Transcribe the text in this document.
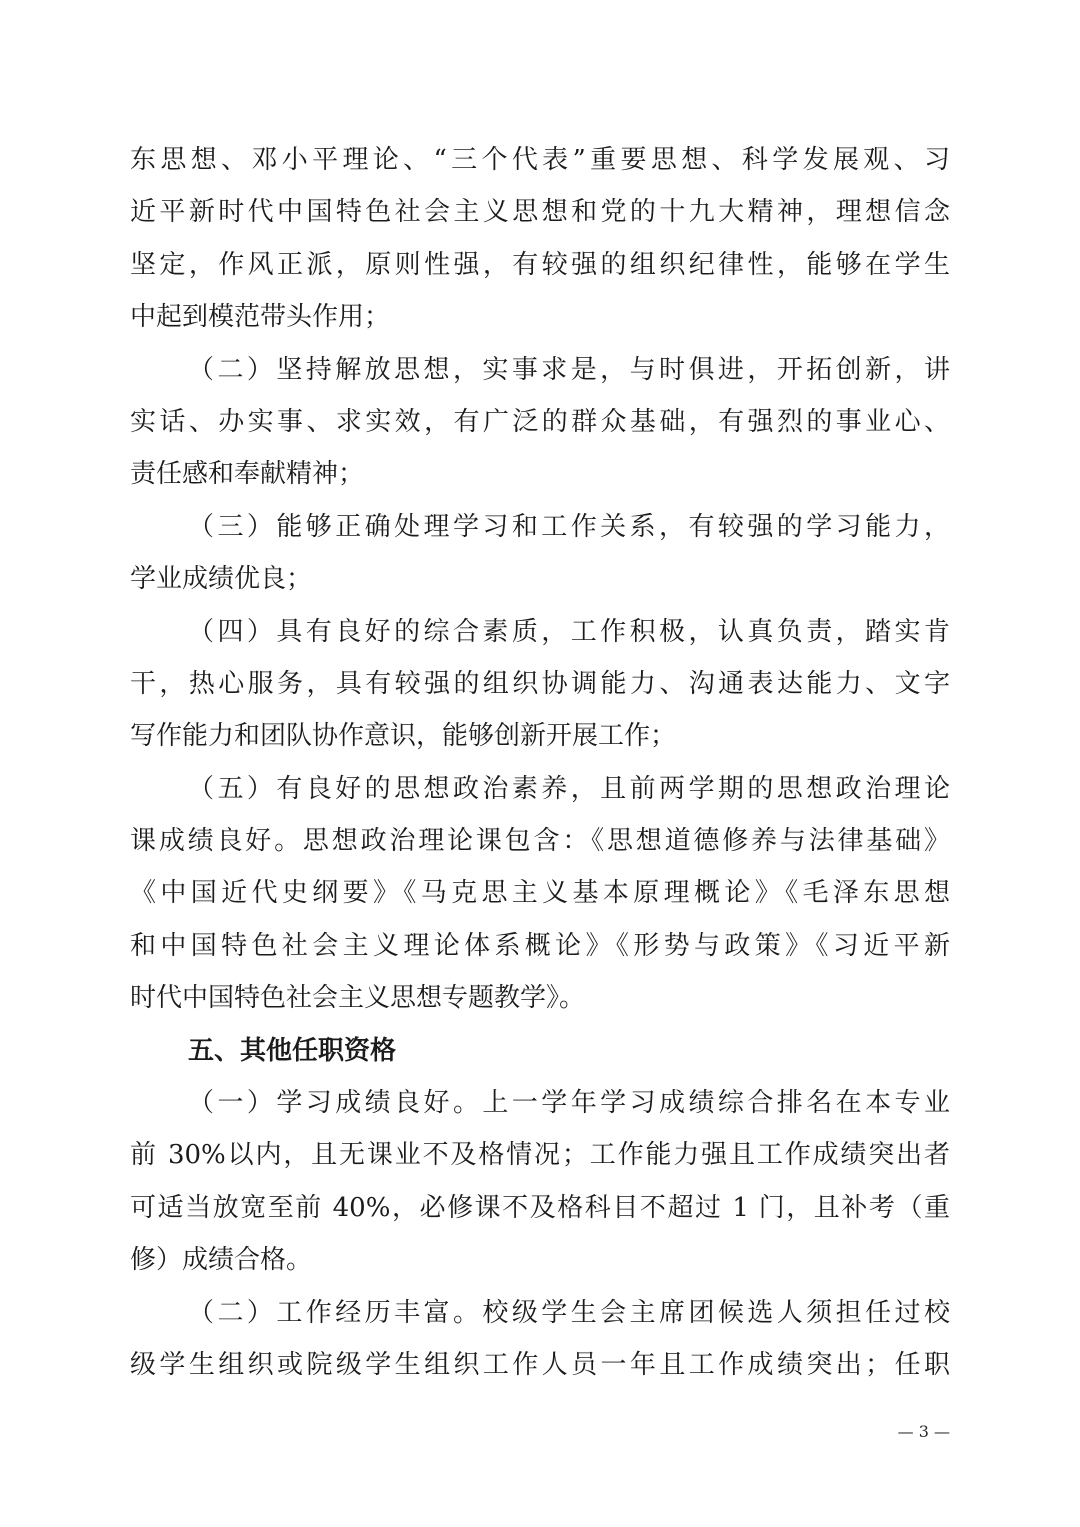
东思想、邓小平理论、“三个代表”重要思想、科学发展观、习
近平新时代中国特色社会主义思想和党的十九大精神，理想信念
坚定，作风正派，原则性强，有较强的组织纪律性，能够在学生
中起到模范带头作用；
（二）坚持解放思想，实事求是，与时俱进，开拓创新，讲
实话、办实事、求实效，有广泛的群众基础，有强烈的事业心、
责任感和奉献精神；
（三）能够正确处理学习和工作关系，有较强的学习能力，
学业成绩优良；
（四）具有良好的综合素质，工作积极，认真负责，踏实肯
干，热心服务，具有较强的组织协调能力、沟通表达能力、文字
写作能力和团队协作意识，能够创新开展工作；
（五）有良好的思想政治素养，且前两学期的思想政治理论
课成绩良好。思想政治理论课包含：《思想道德修养与法律基础》
《中国近代史纲要》《马克思主义基本原理概论》《毛泽东思想
和中国特色社会主义理论体系概论》《形势与政策》《习近平新
时代中国特色社会主义思想专题教学》。
五、其他任职资格
（一）学习成绩良好。上一学年学习成绩综合排名在本专业
前 30%以内，且无课业不及格情况；工作能力强且工作成绩突出者
可适当放宽至前 40%，必修课不及格科目不超过 1 门，且补考（重
修）成绩合格。
（二）工作经历丰富。校级学生会主席团候选人须担任过校
级学生组织或院级学生组织工作人员一年且工作成绩突出；任职
— 3 —
